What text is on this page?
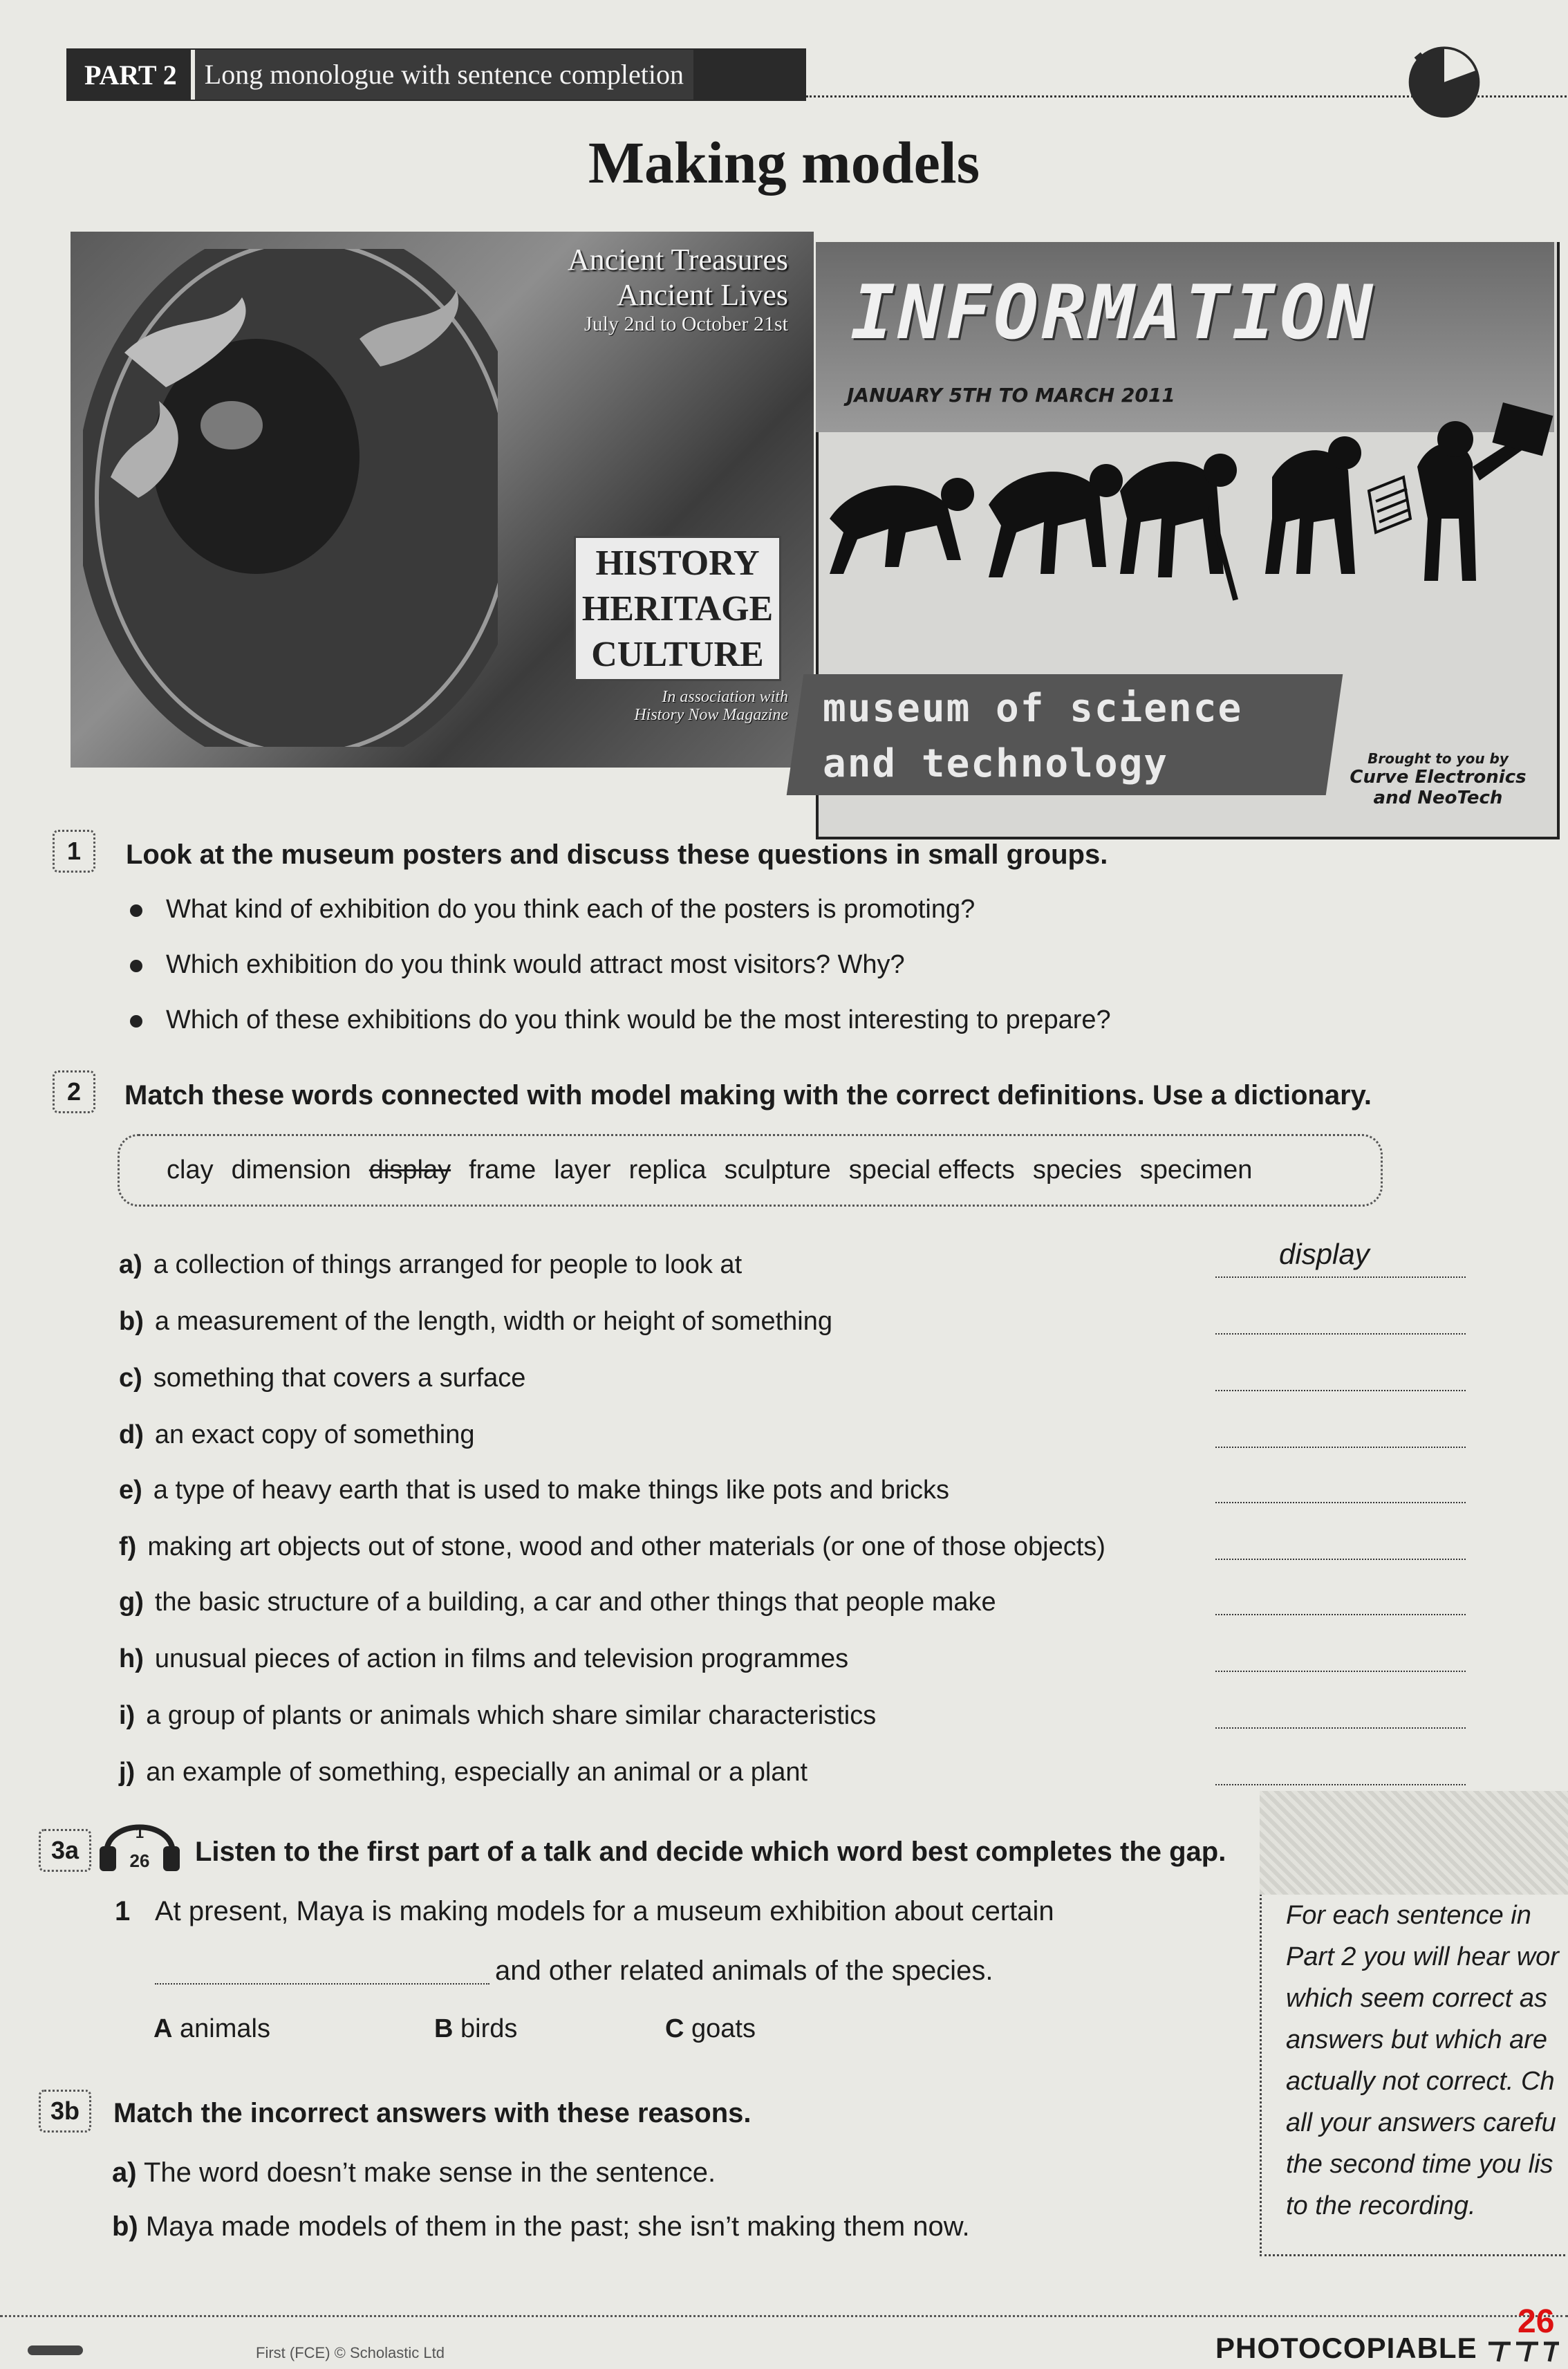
PART 2	Long monologue with sentence completion
Making models
Ancient Treasures
Ancient Lives
July 2nd to October 21st
HISTORY
HERITAGE
CULTURE
In association with
History Now Magazine
INFORMATION
JANUARY 5TH TO MARCH 2011
museum of science
and technology	Brought to you by
Curve Electronics
and NeoTech
1	Look at the museum posters and discuss these questions in small groups.
What kind of exhibition do you think each of the posters is promoting?
Which exhibition do you think would attract most visitors? Why?
Which of these exhibitions do you think would be the most interesting to prepare?
2	Match these words connected with model making with the correct definitions. Use a dictionary.
clay dimension display frame layer replica sculpture special effects species specimen
a) a collection of things arranged for people to look at	display
b) a measurement of the length, width or height of something
c) something that covers a surface
d) an exact copy of something
e) a type of heavy earth that is used to make things like pots and bricks
f) making art objects out of stone, wood and other materials (or one of those objects)
g) the basic structure of a building, a car and other things that people make
h) unusual pieces of action in films and television programmes
i) a group of plants or animals which share similar characteristics
j) an example of something, especially an animal or a plant
For each sentence in
Part 2 you will hear wor
which seem correct as
answers but which are
actually not correct. Ch
all your answers carefu
the second time you lis
to the recording.
3a
1
26 Listen to the first part of a talk and decide which word best completes the gap.
1 At present, Maya is making models for a museum exhibition about certain
and other related animals of the species.
A animals	B birds	C goats
3b	Match the incorrect answers with these reasons.
a) The word doesn’t make sense in the sentence.
b) Maya made models of them in the past; she isn’t making them now.
First (FCE) © Scholastic Ltd	PHOTOCOPIABLE
26
